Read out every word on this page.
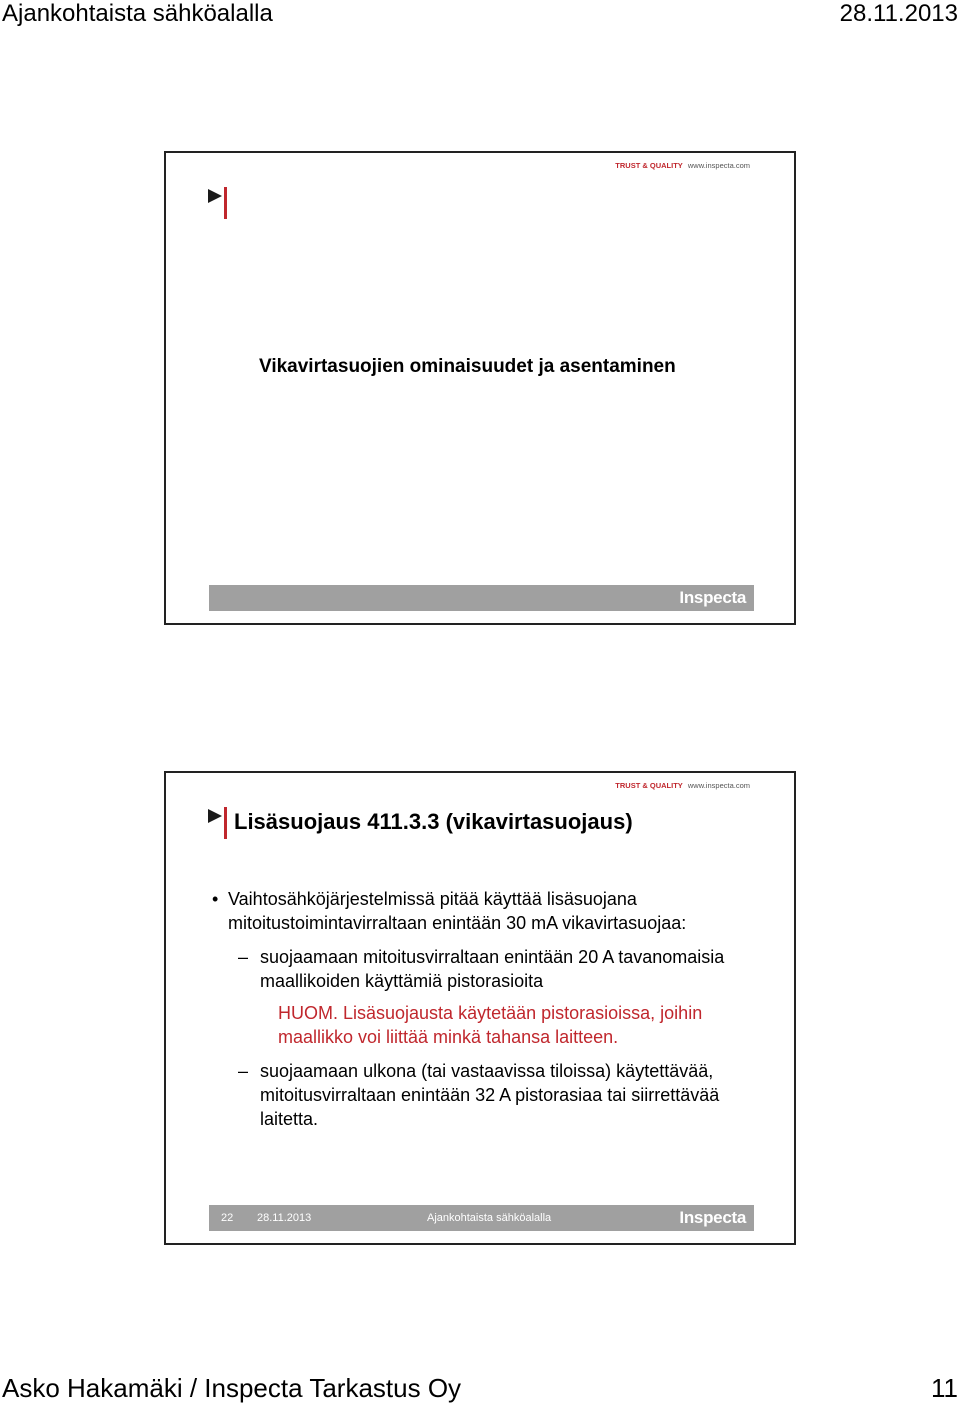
Ajankohtaista sähköalalla	28.11.2013
TRUST & QUALITY www.inspecta.com
Vikavirtasuojien ominaisuudet ja asentaminen
Inspecta
TRUST & QUALITY www.inspecta.com
Lisäsuojaus 411.3.3 (vikavirtasuojaus)
• Vaihtosähköjärjestelmissä pitää käyttää lisäsuojana mitoitustoimintavirraltaan enintään 30 mA vikavirtasuojaa:
– suojaamaan mitoitusvirraltaan enintään 20 A tavanomaisia maallikoiden käyttämiä pistorasioita
HUOM. Lisäsuojausta käytetään pistorasioissa, joihin maallikko voi liittää minkä tahansa laitteen.
– suojaamaan ulkona (tai vastaavissa tiloissa) käytettävää, mitoitusvirraltaan enintään 32 A pistorasiaa tai siirrettävää laitetta.
22 28.11.2013	Ajankohtaista sähköalalla	Inspecta
Asko Hakamäki / Inspecta Tarkastus Oy	11
